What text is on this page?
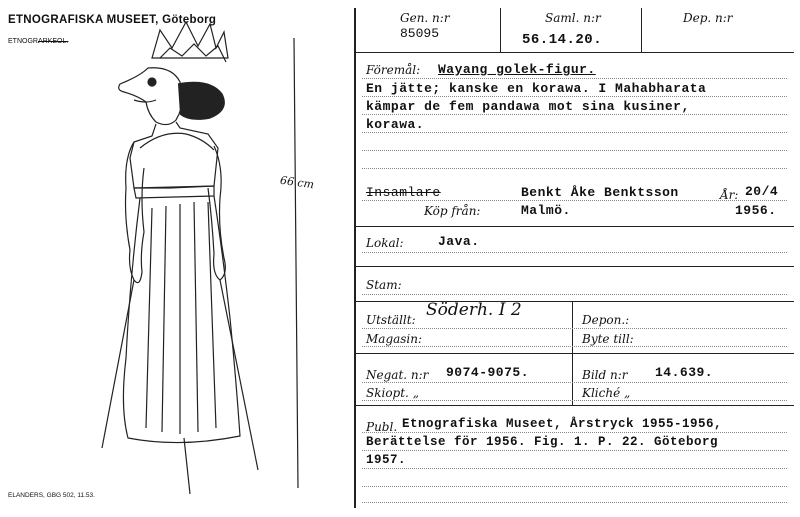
ETNOGRAFISKA MUSEET, Göteborg
ETNOGR.
ARKEOL.
66 cm
ELANDERS, GBG 502, 11.53.
Gen. n:r
85095
Saml. n:r
56.14.20.
Dep. n:r
Föremål: Wayang golek-figur.
En jätte; kanske en korawa. I Mahabharata
kämpar de fem pandawa mot sina kusiner,
korawa.
Insamlare	Benkt Åke Benktsson	År: 20/4
Köp från:	Malmö.	1956.
Lokal:	Java.
Stam:
Utställt: Söderh. I 2	Depon.:
Magasin:	Byte till:
Negat. n:r 9074-9075.	Bild n:r 14.639.
Skiopt. „	Kliché „
Publ. Etnografiska Museet, Årstryck 1955-1956,
Berättelse för 1956. Fig. 1. P. 22. Göteborg
1957.
